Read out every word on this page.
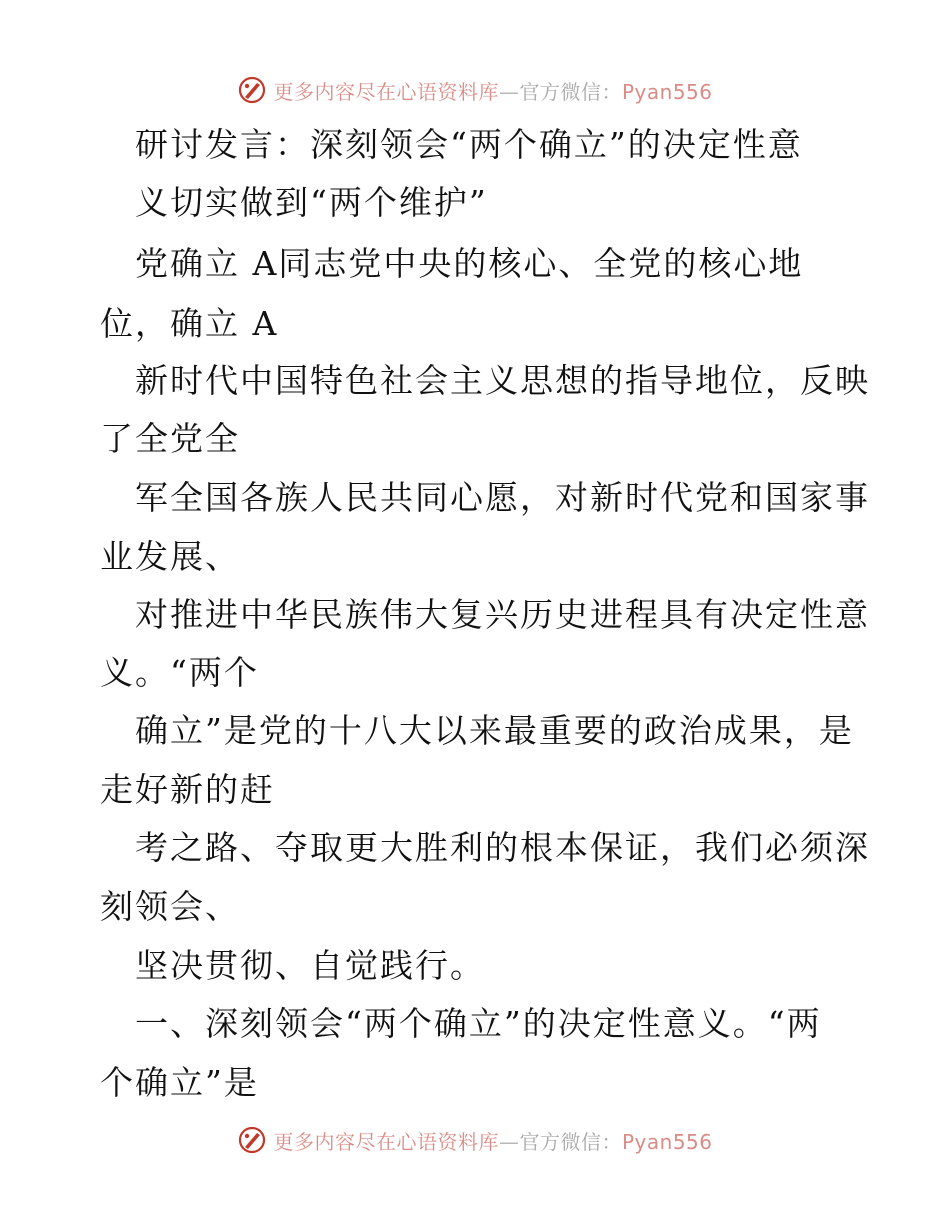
更多内容尽在心语资料库—官方微信：Pyan556
研讨发言：深刻领会“两个确立”的决定性意
义切实做到“两个维护”
党确立 A同志党中央的核心、全党的核心地
位，确立 A
新时代中国特色社会主义思想的指导地位，反映
了全党全
军全国各族人民共同心愿，对新时代党和国家事
业发展、
对推进中华民族伟大复兴历史进程具有决定性意
义。“两个
确立”是党的十八大以来最重要的政治成果，是
走好新的赶
考之路、夺取更大胜利的根本保证，我们必须深
刻领会、
坚决贯彻、自觉践行。
一、深刻领会“两个确立”的决定性意义。“两
个确立”是
更多内容尽在心语资料库—官方微信：Pyan556
